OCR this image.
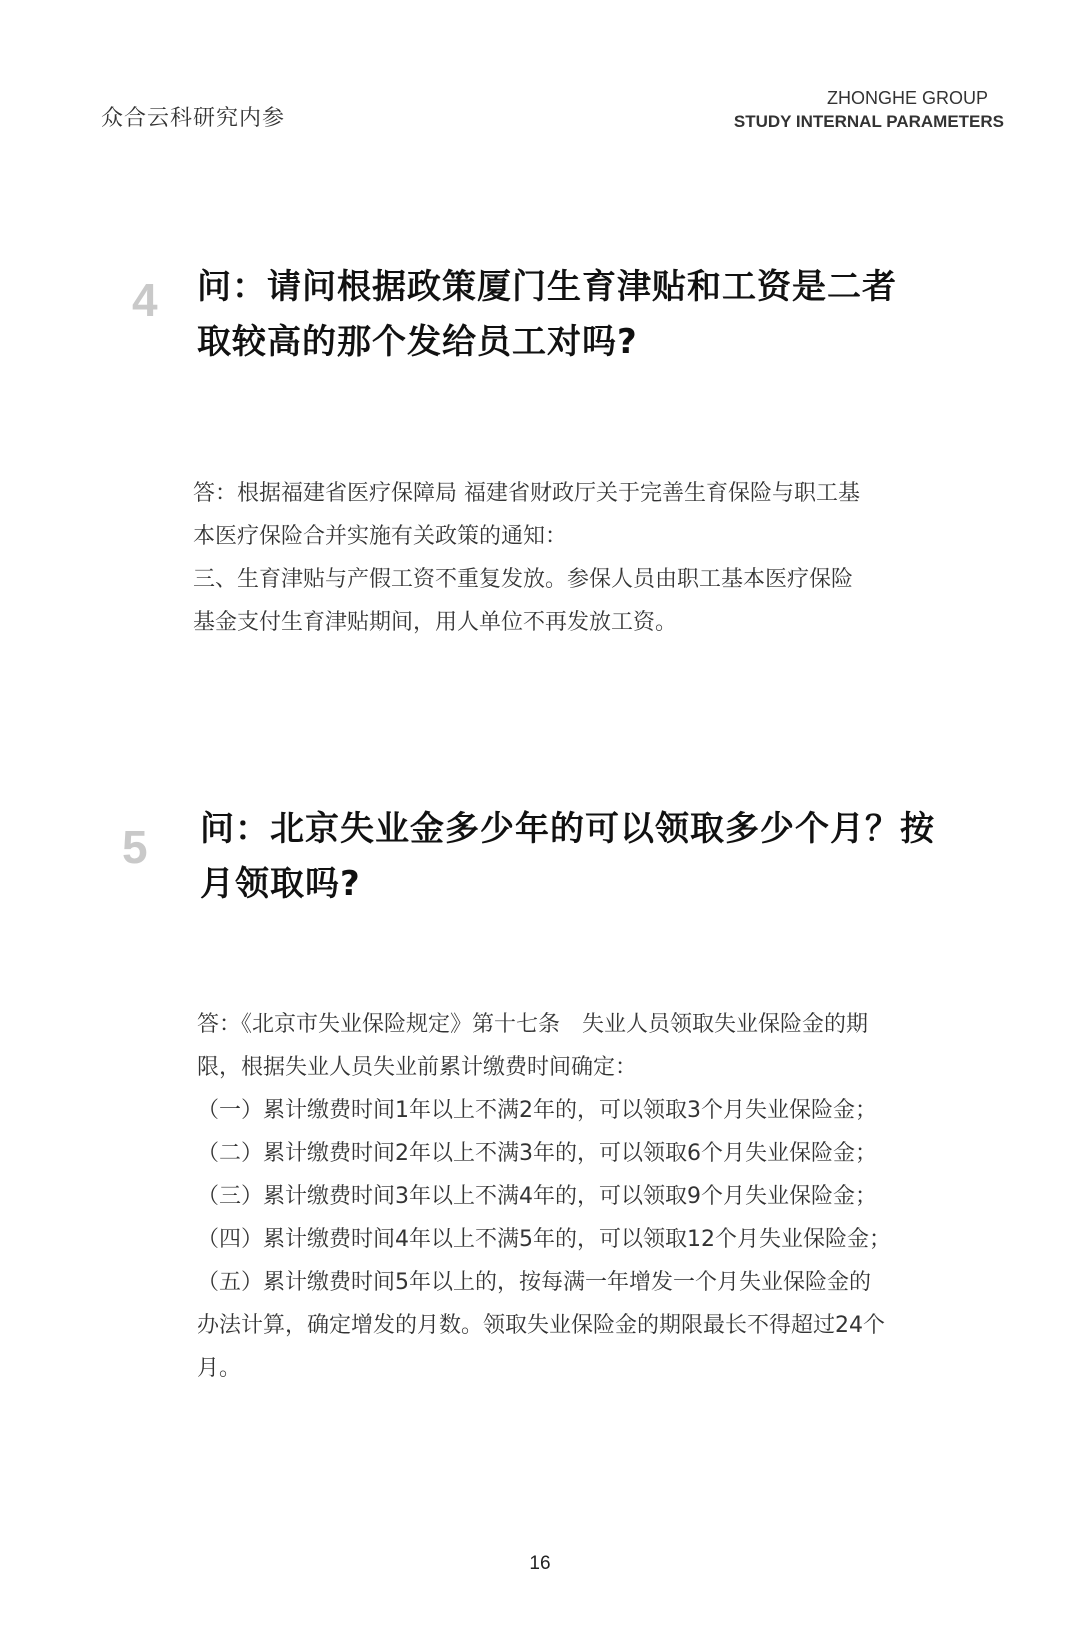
众合云科研究内参
ZHONGHE GROUP
STUDY INTERNAL PARAMETERS
4 问：请问根据政策厦门生育津贴和工资是二者
取较高的那个发给员工对吗?

答：根据福建省医疗保障局 福建省财政厅关于完善生育保险与职工基

本医疗保险合并实施有关政策的通知：

三、生育津贴与产假工资不重复发放。参保人员由职工基本医疗保险

基金支付生育津贴期间，用人单位不再发放工资。

5 问：北京失业金多少年的可以领取多少个月？按
月领取吗?

答：《北京市失业保险规定》第十七条　失业人员领取失业保险金的期

限，根据失业人员失业前累计缴费时间确定：

（一）累计缴费时间1年以上不满2年的，可以领取3个月失业保险金；

（二）累计缴费时间2年以上不满3年的，可以领取6个月失业保险金；

（三）累计缴费时间3年以上不满4年的，可以领取9个月失业保险金；

（四）累计缴费时间4年以上不满5年的，可以领取12个月失业保险金；

（五）累计缴费时间5年以上的，按每满一年增发一个月失业保险金的

办法计算，确定增发的月数。领取失业保险金的期限最长不得超过24个

月。

16
